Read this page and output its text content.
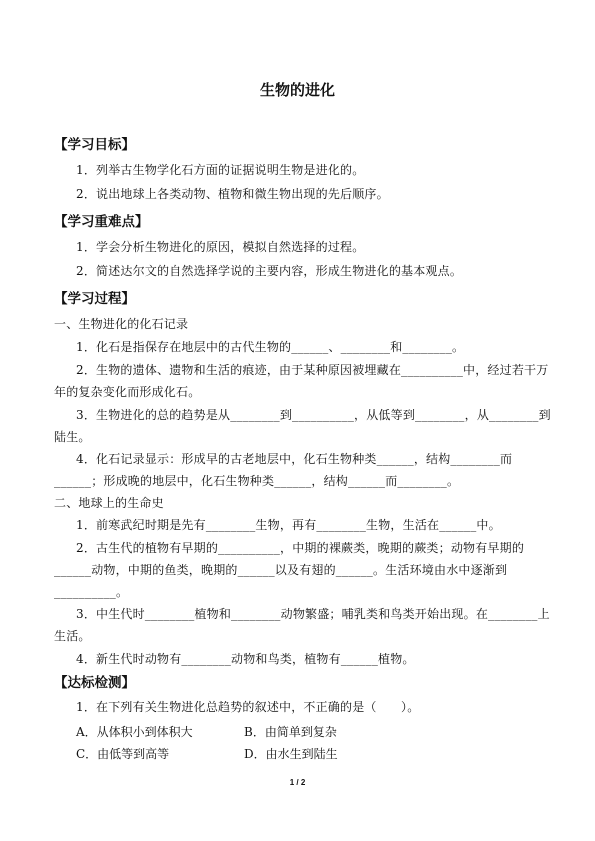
生物的进化
【学习目标】
1．列举古生物学化石方面的证据说明生物是进化的。
2．说出地球上各类动物、植物和微生物出现的先后顺序。
【学习重难点】
1．学会分析生物进化的原因，模拟自然选择的过程。
2．简述达尔文的自然选择学说的主要内容，形成生物进化的基本观点。
【学习过程】
一、生物进化的化石记录
1．化石是指保存在地层中的古代生物的______、________和________。
2．生物的遗体、遗物和生活的痕迹，由于某种原因被埋藏在__________中，经过若干万
年的复杂变化而形成化石。
3．生物进化的总的趋势是从________到__________，从低等到________，从________到
陆生。
4．化石记录显示：形成早的古老地层中，化石生物种类______，结构________而
______；形成晚的地层中，化石生物种类______，结构______而________。
二、地球上的生命史
1．前寒武纪时期是先有________生物，再有________生物，生活在______中。
2．古生代的植物有早期的__________，中期的裸蕨类，晚期的蕨类；动物有早期的
______动物，中期的鱼类，晚期的______以及有翅的______。生活环境由水中逐渐到
__________。
3．中生代时________植物和________动物繁盛；哺乳类和鸟类开始出现。在________上
生活。
4．新生代时动物有________动物和鸟类，植物有______植物。
【达标检测】
1．在下列有关生物进化总趋势的叙述中，不正确的是（　　）。
A．从体积小到体积大	B．由简单到复杂
C．由低等到高等	D．由水生到陆生
1 / 2
